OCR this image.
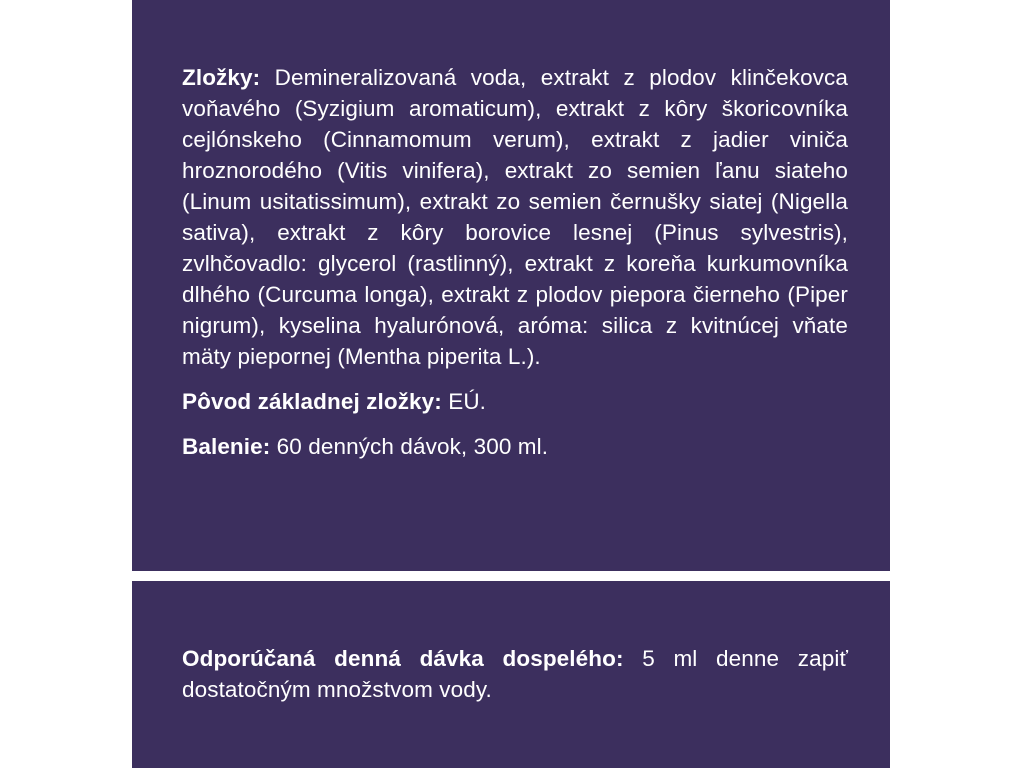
Zložky: Demineralizovaná voda, extrakt z plodov klinčekovca voňavého (Syzigium aromaticum), extrakt z kôry škoricovníka cejlónskeho (Cinnamomum verum), extrakt z jadier viniča hroznorodého (Vitis vinifera), extrakt zo semien ľanu siateho (Linum usitatissimum), extrakt zo semien černušky siatej (Nigella sativa), extrakt z kôry borovice lesnej (Pinus sylvestris), zvlhčovadlo: glycerol (rastlinný), extrakt z koreňa kurkumovníka dlhého (Curcuma longa), extrakt z plodov piepora čierneho (Piper nigrum), kyselina hyalurónová, aróma: silica z kvitnúcej vňate mäty piepornej (Mentha piperita L.).

Pôvod základnej zložky: EÚ.

Balenie: 60 denných dávok, 300 ml.

Odporúčaná denná dávka dospelého: 5 ml denne zapiť dostatočným množstvom vody.
